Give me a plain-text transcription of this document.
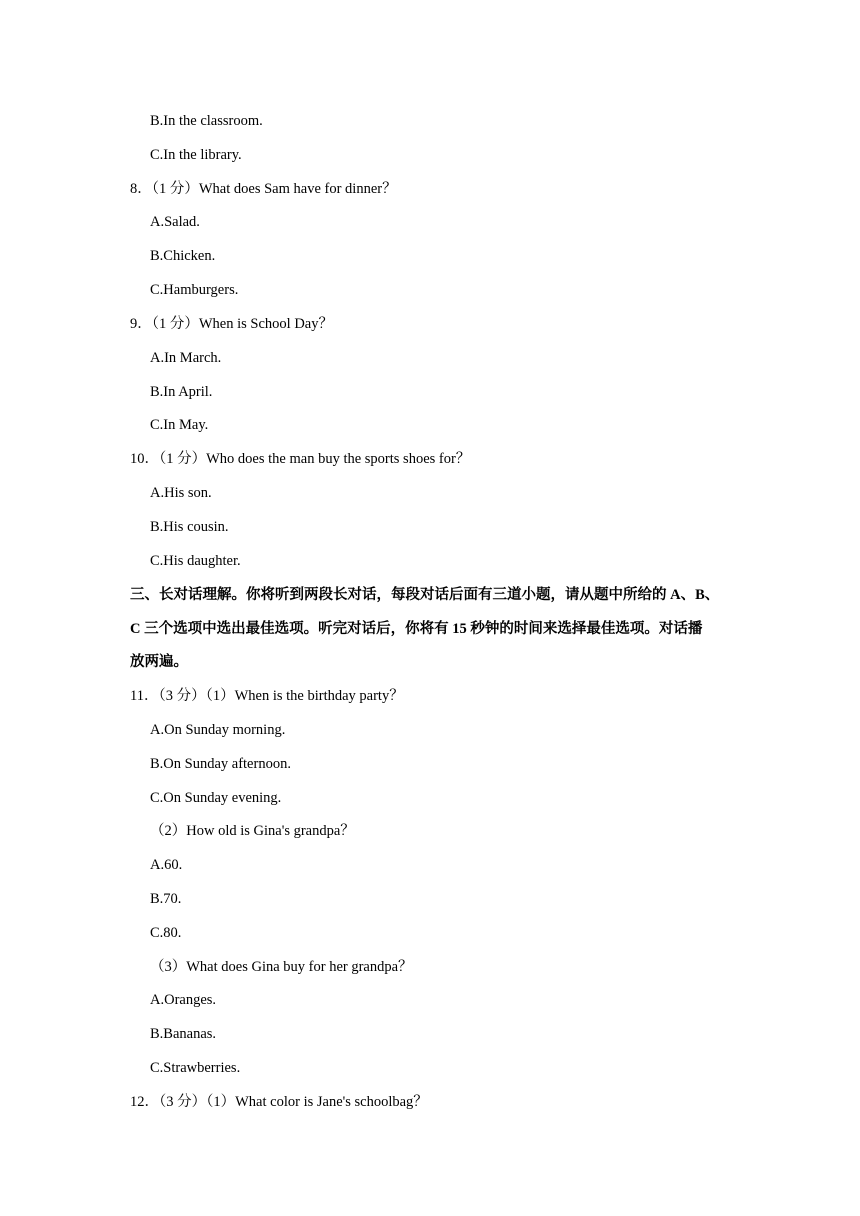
B.In the classroom.
C.In the library.
8．（1 分）What does Sam have for dinner？
A.Salad.
B.Chicken.
C.Hamburgers.
9．（1 分）When is School Day？
A.In March.
B.In April.
C.In May.
10．（1 分）Who does the man buy the sports shoes for？
A.His son.
B.His cousin.
C.His daughter.
三、长对话理解。你将听到两段长对话，每段对话后面有三道小题，请从题中所给的 A、B、
C 三个选项中选出最佳选项。听完对话后，你将有 15 秒钟的时间来选择最佳选项。对话播
放两遍。
11．（3 分）（1）When is the birthday party？
A.On Sunday morning.
B.On Sunday afternoon.
C.On Sunday evening.
（2）How old is Gina's grandpa？
A.60.
B.70.
C.80.
（3）What does Gina buy for her grandpa？
A.Oranges.
B.Bananas.
C.Strawberries.
12．（3 分）（1）What color is Jane's schoolbag？
